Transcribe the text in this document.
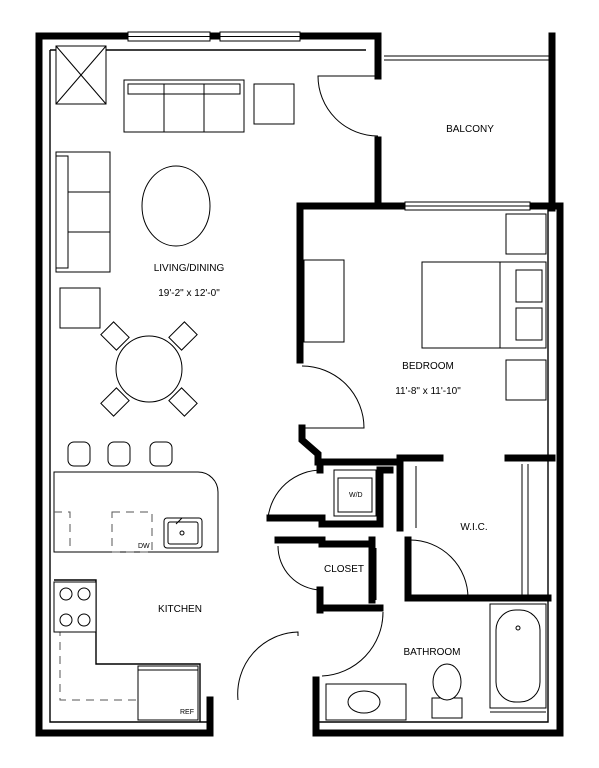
BALCONY
LIVING/DINING
19'-2" x 12'-0"
BEDROOM
11'-8" x 11'-10"
W.I.C.
CLOSET
KITCHEN
BATHROOM
W/D
DW
REF
